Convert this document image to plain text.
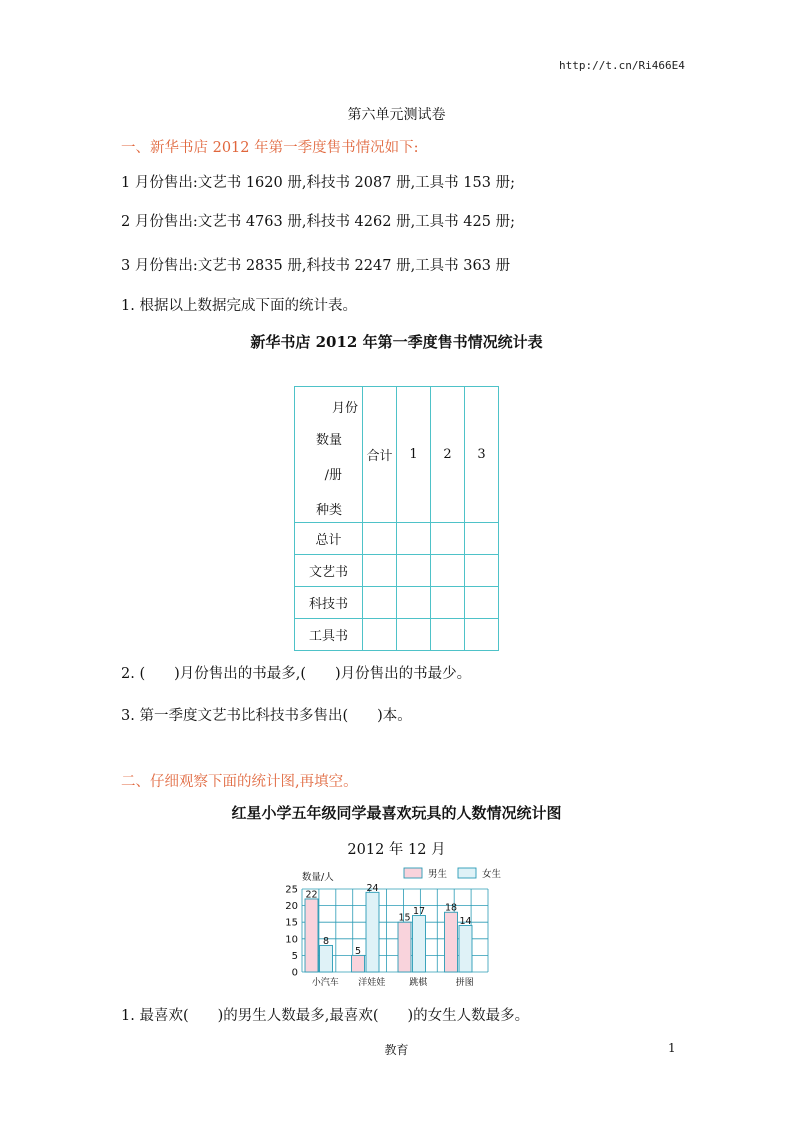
http://t.cn/Ri466E4
第六单元测试卷
一、新华书店 2012 年第一季度售书情况如下:
1 月份售出:文艺书 1620 册,科技书 2087 册,工具书 153 册;
2 月份售出:文艺书 4763 册,科技书 4262 册,工具书 425 册;
3 月份售出:文艺书 2835 册,科技书 2247 册,工具书 363 册
1. 根据以上数据完成下面的统计表。
新华书店 2012 年第一季度售书情况统计表
月份
数量
/册
种类	合计	1	2	3
总计				
文艺书				
科技书				
工具书				
2. (　　)月份售出的书最多,(　　)月份售出的书最少。
3. 第一季度文艺书比科技书多售出(　　)本。
二、仔细观察下面的统计图,再填空。
红星小学五年级同学最喜欢玩具的人数情况统计图
2012 年 12 月
0
5
10
15
20
25 22
8
小汽车
5
24
洋娃娃
15
17
跳棋
18
14
拼图
数量/人	男生	女生
1. 最喜欢(　　)的男生人数最多,最喜欢(　　)的女生人数最多。
教育	1
